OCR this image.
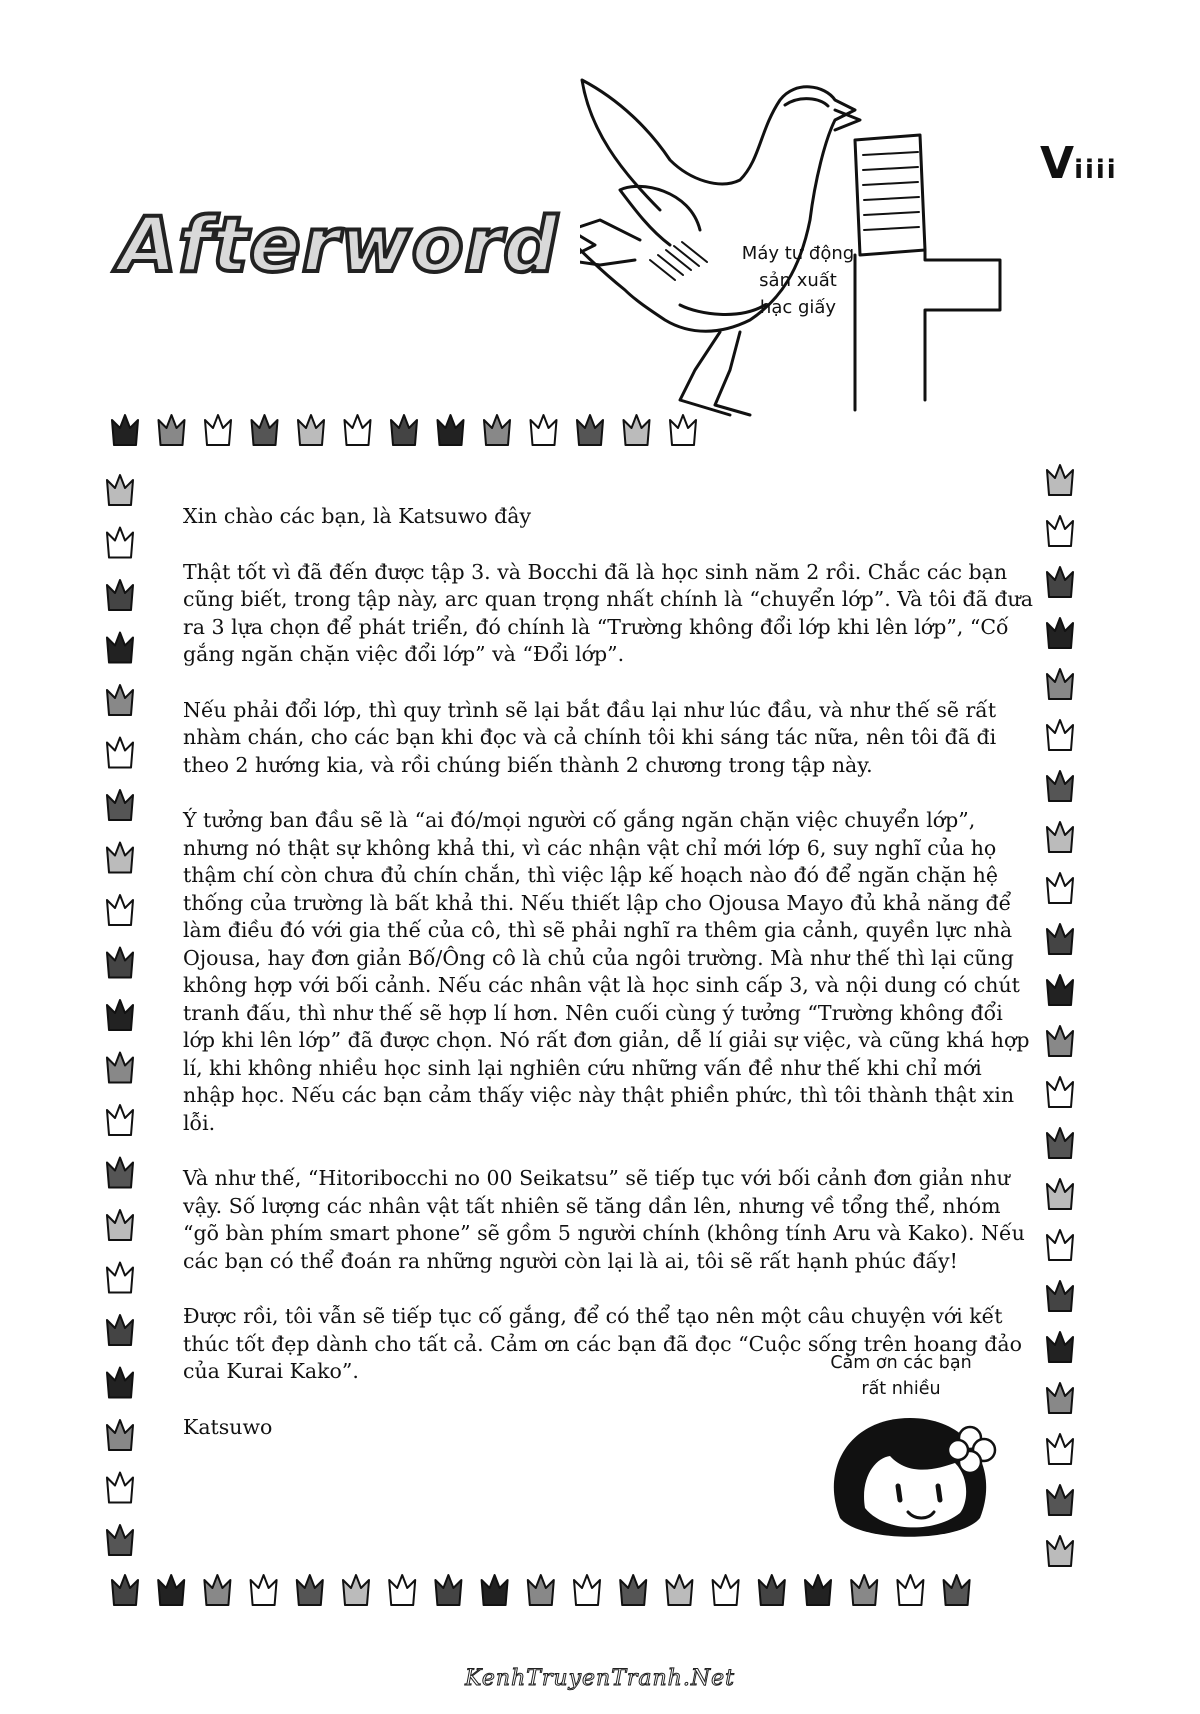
Afterword	Máy tự động
sản xuất
hạc giấy
Viiii

Xin chào các bạn, là Katsuwo đây

Thật tốt vì đã đến được tập 3. và Bocchi đã là học sinh năm 2 rồi. Chắc các bạn cũng biết, trong tập này, arc quan trọng nhất chính là “chuyển lớp”. Và tôi đã đưa ra 3 lựa chọn để phát triển, đó chính là “Trường không đổi lớp khi lên lớp”, “Cố gắng ngăn chặn việc đổi lớp” và “Đổi lớp”.

Nếu phải đổi lớp, thì quy trình sẽ lại bắt đầu lại như lúc đầu, và như thế sẽ rất nhàm chán, cho các bạn khi đọc và cả chính tôi khi sáng tác nữa, nên tôi đã đi theo 2 hướng kia, và rồi chúng biến thành 2 chương trong tập này.

Ý tưởng ban đầu sẽ là “ai đó/mọi người cố gắng ngăn chặn việc chuyển lớp”, nhưng nó thật sự không khả thi, vì các nhận vật chỉ mới lớp 6, suy nghĩ của họ thậm chí còn chưa đủ chín chắn, thì việc lập kế hoạch nào đó để ngăn chặn hệ thống của trường là bất khả thi. Nếu thiết lập cho Ojousa Mayo đủ khả năng để làm điều đó với gia thế của cô, thì sẽ phải nghĩ ra thêm gia cảnh, quyền lực nhà Ojousa, hay đơn giản Bố/Ông cô là chủ của ngôi trường. Mà như thế thì lại cũng không hợp với bối cảnh. Nếu các nhân vật là học sinh cấp 3, và nội dung có chút tranh đấu, thì như thế sẽ hợp lí hơn. Nên cuối cùng ý tưởng “Trường không đổi lớp khi lên lớp” đã được chọn. Nó rất đơn giản, dễ lí giải sự việc, và cũng khá hợp lí, khi không nhiều học sinh lại nghiên cứu những vấn đề như thế khi chỉ mới nhập học. Nếu các bạn cảm thấy việc này thật phiền phức, thì tôi thành thật xin lỗi.

Và như thế, “Hitoribocchi no 00 Seikatsu” sẽ tiếp tục với bối cảnh đơn giản như vậy. Số lượng các nhân vật tất nhiên sẽ tăng dần lên, nhưng về tổng thể, nhóm “gõ bàn phím smart phone” sẽ gồm 5 người chính (không tính Aru và Kako). Nếu các bạn có thể đoán ra những người còn lại là ai, tôi sẽ rất hạnh phúc đấy!

Được rồi, tôi vẫn sẽ tiếp tục cố gắng, để có thể tạo nên một câu chuyện với kết thúc tốt đẹp dành cho tất cả. Cảm ơn các bạn đã đọc “Cuộc sống trên hoang đảo của Kurai Kako”.

Katsuwo

Cảm ơn các bạn
rất nhiều
KenhTruyenTranh.Net
